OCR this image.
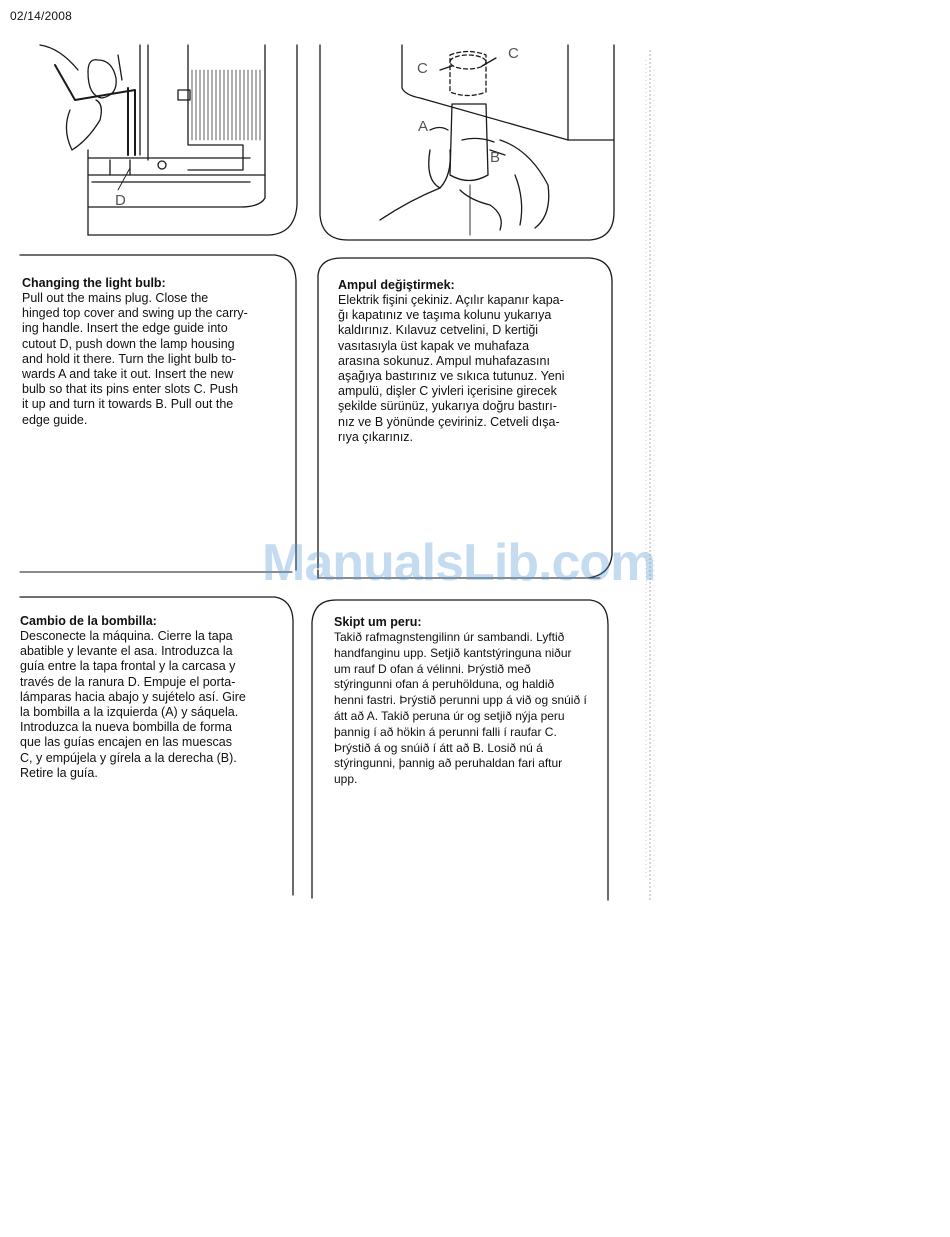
02/14/2008
D
A
B
C
C
Changing the light bulb:
Pull out the mains plug. Close the
hinged top cover and swing up the carry-
ing handle. Insert the edge guide into
cutout D, push down the lamp housing
and hold it there. Turn the light bulb to-
wards A and take it out. Insert the new
bulb so that its pins enter slots C. Push
it up and turn it towards B. Pull out the
edge guide.
Ampul değiştirmek:
Elektrik fişini çekiniz. Açılır kapanır kapa-
ğı kapatınız ve taşıma kolunu yukarıya
kaldırınız. Kılavuz cetvelini, D kertiği
vasıtasıyla üst kapak ve muhafaza
arasına sokunuz. Ampul muhafazasını
aşağıya bastırınız ve sıkıca tutunuz. Yeni
ampulü, dişler C yivleri içerisine girecek
şekilde sürünüz, yukarıya doğru bastırı-
nız ve B yönünde çeviriniz. Cetveli dışa-
rıya çıkarınız.
Cambio de la bombilla:
Desconecte la máquina. Cierre la tapa
abatible y levante el asa. Introduzca la
guía entre la tapa frontal y la carcasa y
través de la ranura D. Empuje el porta-
lámparas hacia abajo y sujételo así. Gire
la bombilla a la izquierda (A) y sáquela.
Introduzca la nueva bombilla de forma
que las guías encajen en las muescas
C, y empújela y gírela a la derecha (B).
Retire la guía.
Skipt um peru:
Takið rafmagnstengilinn úr sambandi. Lyftið
handfanginu upp. Setjið kantstýringuna niður
um rauf D ofan á vélinni. Þrýstið með
stýringunni ofan á peruhölduna, og haldið
henni fastri. Þrýstið perunni upp á við og snúið í
átt að A. Takið peruna úr og setjið nýja peru
þannig í að hökin á perunni falli í raufar C.
Þrýstið á og snúið í átt að B. Losið nú á
stýringunni, þannig að peruhaldan fari aftur
upp.
ManualsLib.com
